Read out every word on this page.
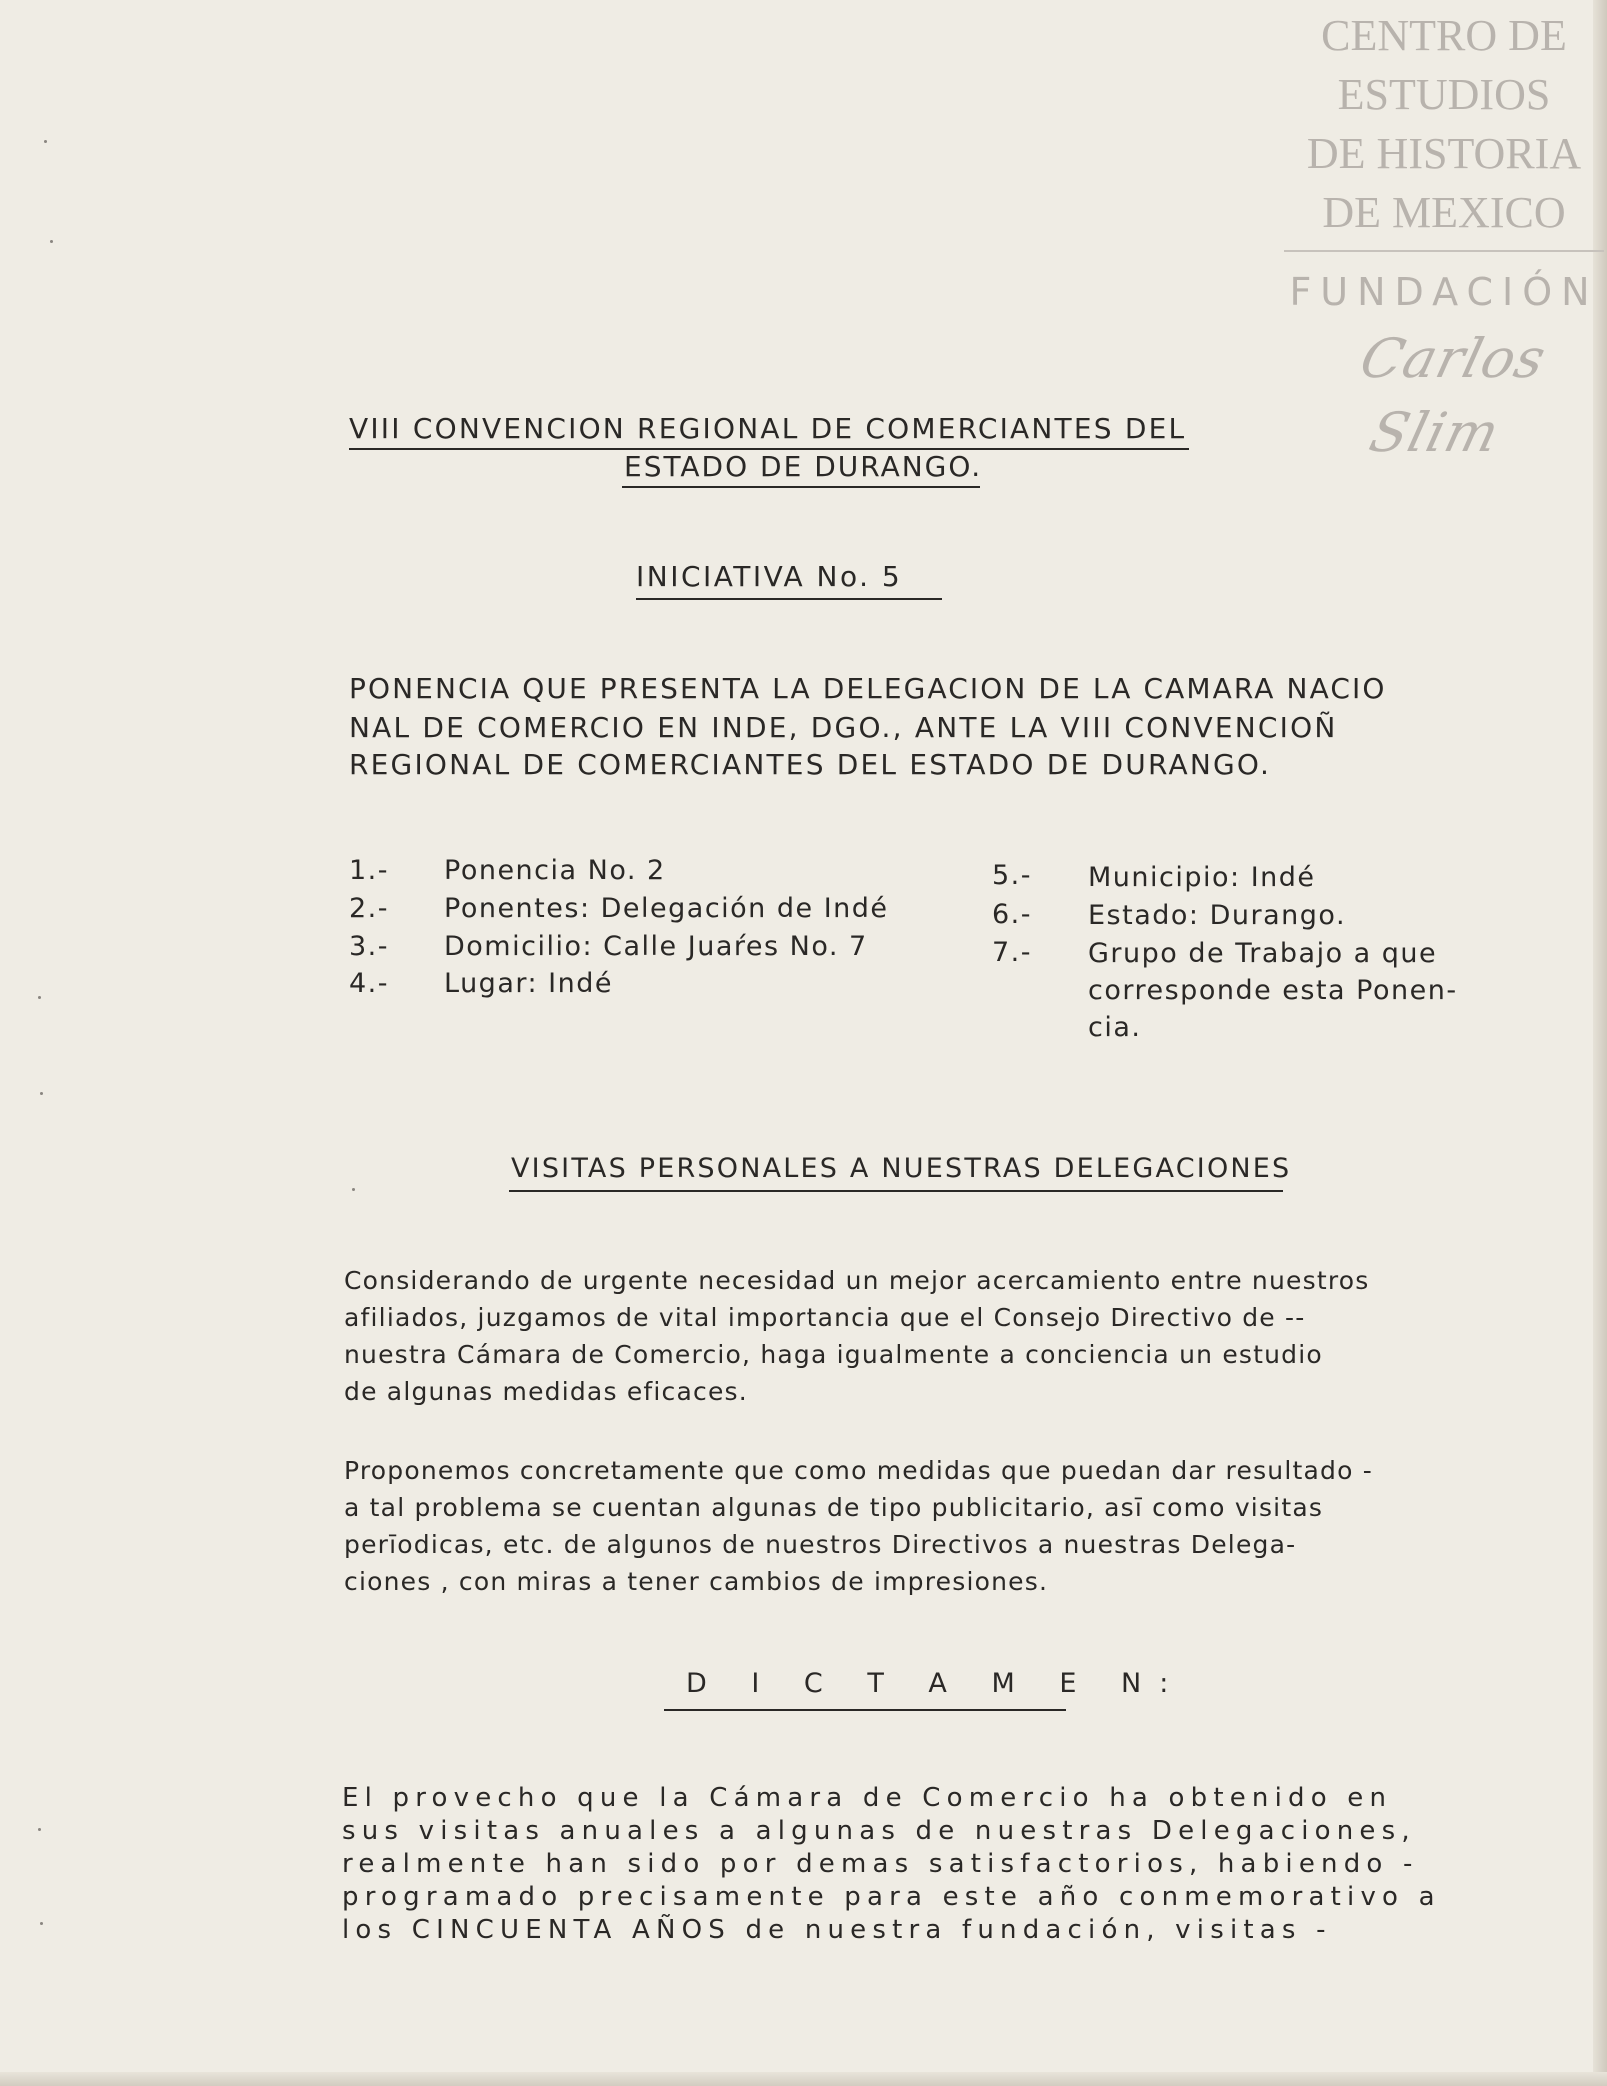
CENTRO DE
ESTUDIOS
DE HISTORIA
DE MEXICO
FUNDACIÓN
Carlos Slim
VIII CONVENCION REGIONAL DE COMERCIANTES DEL
ESTADO DE DURANGO.
INICIATIVA No. 5
PONENCIA QUE PRESENTA LA DELEGACION DE LA CAMARA NACIO
NAL DE COMERCIO EN INDE, DGO., ANTE LA VIII CONVENCIOÑ
REGIONAL DE COMERCIANTES DEL ESTADO DE DURANGO.
1.- Ponencia No. 2
2.- Ponentes: Delegación de Indé
3.- Domicilio: Calle Juaŕes No. 7
4.- Lugar: Indé
5.- Municipio: Indé
6.- Estado: Durango.
7.- Grupo de Trabajo a que
corresponde esta Ponen-
cia.
VISITAS PERSONALES A NUESTRAS DELEGACIONES
Considerando de urgente necesidad un mejor acercamiento entre nuestros
afiliados, juzgamos de vital importancia que el Consejo Directivo de --
nuestra Cámara de Comercio, haga igualmente a conciencia un estudio
de algunas medidas eficaces.
Proponemos concretamente que como medidas que puedan dar resultado -
a tal problema se cuentan algunas de tipo publicitario, asī como visitas
perīodicas, etc. de algunos de nuestros Directivos a nuestras Delega-
ciones , con miras a tener cambios de impresiones.
D I C T A M E N:
El provecho que la Cámara de Comercio ha obtenido en
sus visitas anuales a algunas de nuestras Delegaciones,
realmente han sido por demas satisfactorios, habiendo -
programado precisamente para este año conmemorativo a
los CINCUENTA AÑOS de nuestra fundación, visitas -
